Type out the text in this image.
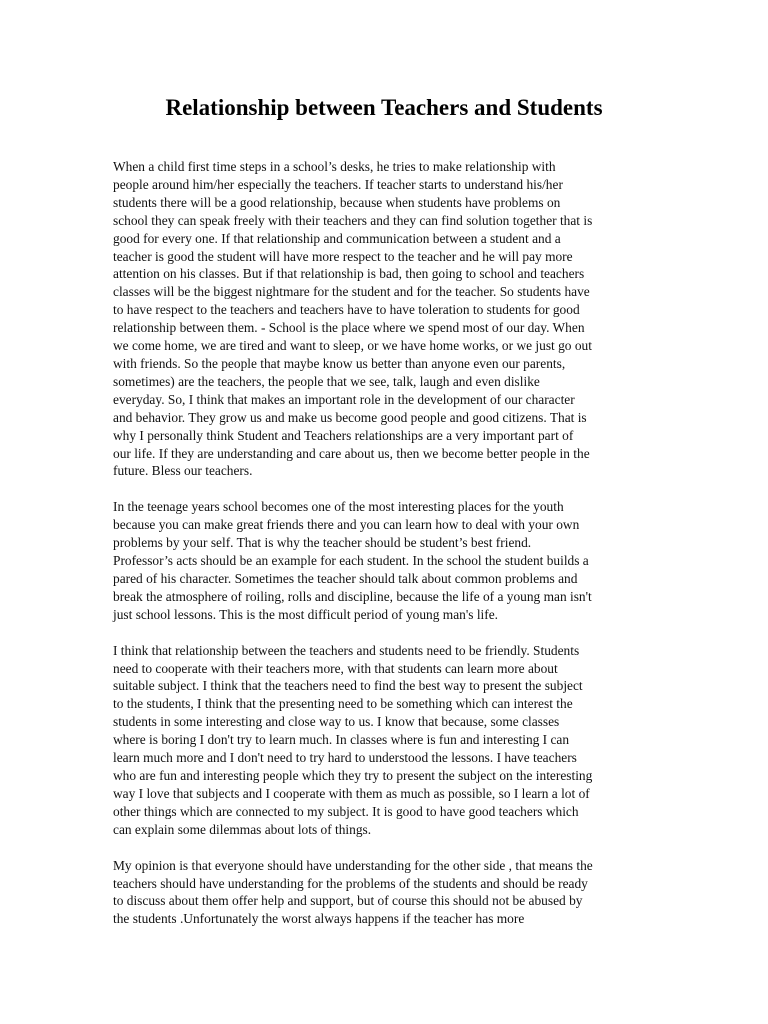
Relationship between Teachers and Students

When a child first time steps in a school’s desks, he tries to make relationship with
people around him/her especially the teachers. If teacher starts to understand his/her
students there will be a good relationship, because when students have problems on
school they can speak freely with their teachers and they can find solution together that is
good for every one. If that relationship and communication between a student and a
teacher is good the student will have more respect to the teacher and he will pay more
attention on his classes. But if that relationship is bad, then going to school and teachers
classes will be the biggest nightmare for the student and for the teacher. So students have
to have respect to the teachers and teachers have to have toleration to students for good
relationship between them. - School is the place where we spend most of our day. When
we come home, we are tired and want to sleep, or we have home works, or we just go out
with friends. So the people that maybe know us better than anyone even our parents,
sometimes) are the teachers, the people that we see, talk, laugh and even dislike
everyday. So, I think that makes an important role in the development of our character
and behavior. They grow us and make us become good people and good citizens. That is
why I personally think Student and Teachers relationships are a very important part of
our life. If they are understanding and care about us, then we become better people in the
future. Bless our teachers.

In the teenage years school becomes one of the most interesting places for the youth
because you can make great friends there and you can learn how to deal with your own
problems by your self. That is why the teacher should be student’s best friend.
Professor’s acts should be an example for each student. In the school the student builds a
pared of his character. Sometimes the teacher should talk about common problems and
break the atmosphere of roiling, rolls and discipline, because the life of a young man isn't
just school lessons. This is the most difficult period of young man's life.

I think that relationship between the teachers and students need to be friendly. Students
need to cooperate with their teachers more, with that students can learn more about
suitable subject. I think that the teachers need to find the best way to present the subject
to the students, I think that the presenting need to be something which can interest the
students in some interesting and close way to us. I know that because, some classes
where is boring I don't try to learn much. In classes where is fun and interesting I can
learn much more and I don't need to try hard to understood the lessons. I have teachers
who are fun and interesting people which they try to present the subject on the interesting
way I love that subjects and I cooperate with them as much as possible, so I learn a lot of
other things which are connected to my subject. It is good to have good teachers which
can explain some dilemmas about lots of things.

My opinion is that everyone should have understanding for the other side , that means the
teachers should have understanding for the problems of the students and should be ready
to discuss about them offer help and support, but of course this should not be abused by
the students .Unfortunately the worst always happens if the teacher has more
